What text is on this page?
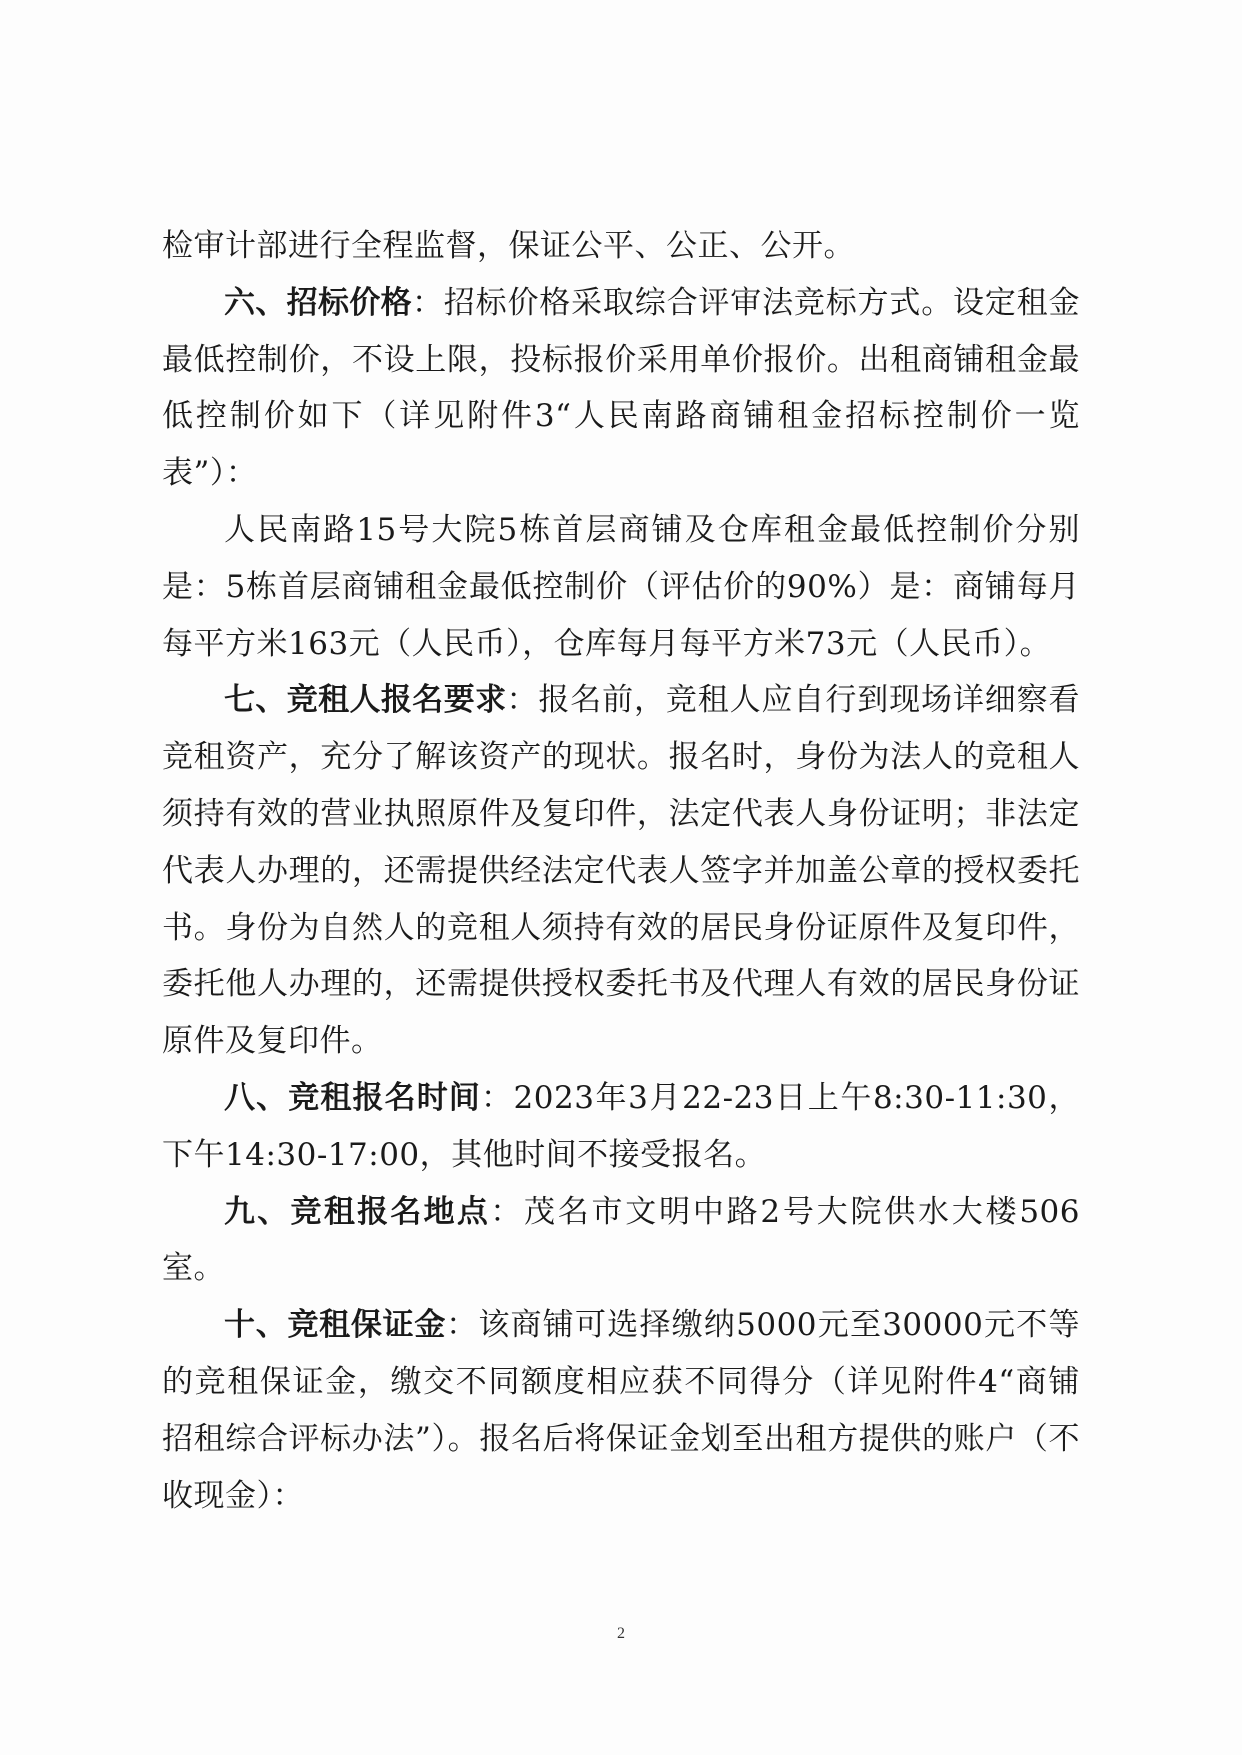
检审计部进行全程监督，保证公平、公正、公开。

六、招标价格：招标价格采取综合评审法竞标方式。设定租金最低控制价，不设上限，投标报价采用单价报价。出租商铺租金最低控制价如下（详见附件3“人民南路商铺租金招标控制价一览表”）：

人民南路15号大院5栋首层商铺及仓库租金最低控制价分别是：5栋首层商铺租金最低控制价（评估价的90%）是：商铺每月每平方米163元（人民币），仓库每月每平方米73元（人民币）。

七、竞租人报名要求：报名前，竞租人应自行到现场详细察看竞租资产，充分了解该资产的现状。报名时，身份为法人的竞租人须持有效的营业执照原件及复印件，法定代表人身份证明；非法定代表人办理的，还需提供经法定代表人签字并加盖公章的授权委托书。身份为自然人的竞租人须持有效的居民身份证原件及复印件，委托他人办理的，还需提供授权委托书及代理人有效的居民身份证原件及复印件。

八、竞租报名时间：2023年3月22-23日上午8:30-11:30，下午14:30-17:00，其他时间不接受报名。

九、竞租报名地点：茂名市文明中路2号大院供水大楼506室。

十、竞租保证金：该商铺可选择缴纳5000元至30000元不等的竞租保证金，缴交不同额度相应获不同得分（详见附件4“商铺招租综合评标办法”）。报名后将保证金划至出租方提供的账户（不收现金）：

2
